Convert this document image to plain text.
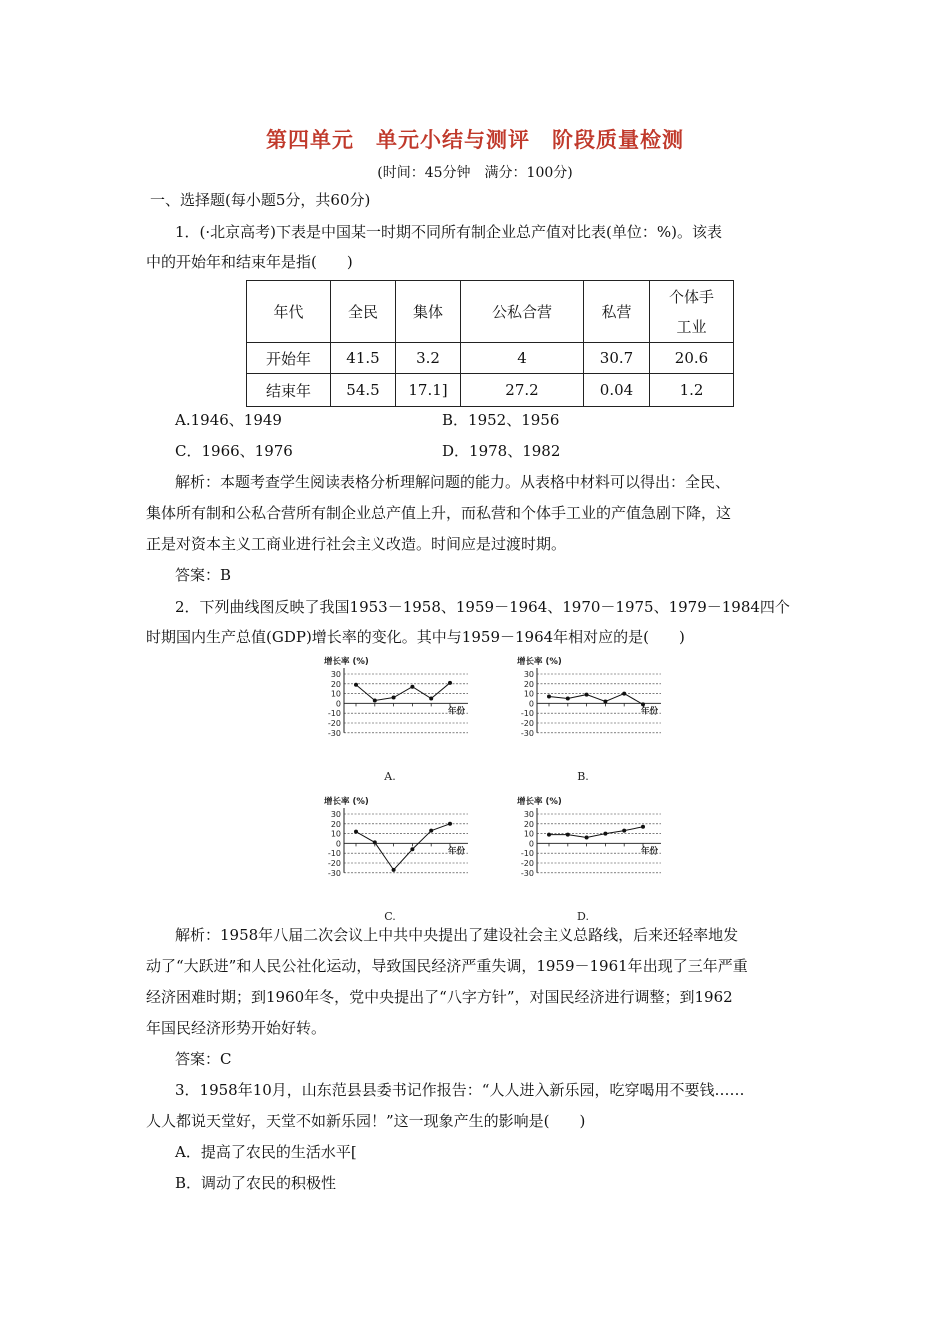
第四单元　单元小结与测评　阶段质量检测
(时间：45分钟　满分：100分)
一、选择题(每小题5分，共60分)
1．(·北京高考)下表是中国某一时期不同所有制企业总产值对比表(单位：%)。该表
中的开始年和结束年是指(　　)
年代	全民	集体	公私合营	私营	个体手
工业

开始年	41.5	3.2	4	30.7	20.6
结束年	54.5	17.1]	27.2	0.04	1.2
A.1946、1949	B．1952、1956
C．1966、1976	D．1978、1982
解析：本题考查学生阅读表格分析理解问题的能力。从表格中材料可以得出：全民、
集体所有制和公私合营所有制企业总产值上升，而私营和个体手工业的产值急剧下降，这
正是对资本主义工商业进行社会主义改造。时间应是过渡时期。
答案：B
2．下列曲线图反映了我国1953－1958、1959－1964、1970－1975、1979－1984四个
时期国内生产总值(GDP)增长率的变化。其中与1959－1964年相对应的是(　　)
增长率 (%)
30
20
10
0
-10
-20
-30
年份
A.
增长率 (%)
30
20
10
0
-10
-20
-30
年份
B.
增长率 (%)
30
20
10
0
-10
-20
-30
年份
C.
增长率 (%)
30
20
10
0
-10
-20
-30
年份
D.
解析：1958年八届二次会议上中共中央提出了建设社会主义总路线，后来还轻率地发
动了“大跃进”和人民公社化运动，导致国民经济严重失调，1959－1961年出现了三年严重
经济困难时期；到1960年冬，党中央提出了“八字方针”，对国民经济进行调整；到1962
年国民经济形势开始好转。
答案：C
3．1958年10月，山东范县县委书记作报告：“人人进入新乐园，吃穿喝用不要钱……
人人都说天堂好，天堂不如新乐园！”这一现象产生的影响是(　　)
A．提高了农民的生活水平[
B．调动了农民的积极性
